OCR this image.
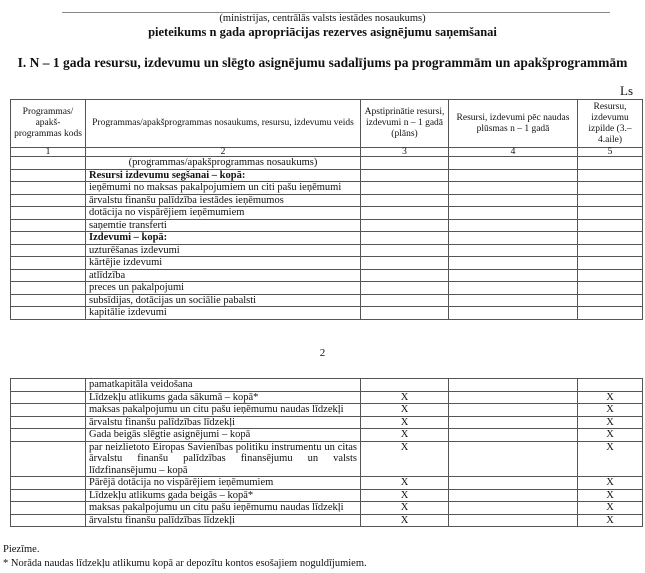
(ministrijas, centrālās valsts iestādes nosaukums)
pieteikums n gada apropriācijas rezerves asignējumu saņemšanai
I. N – 1 gada resursu, izdevumu un slēgto asignējumu sadalījums pa programmām un apakšprogrammām
Ls
Programmas/ apakš-programmas kods	Programmas/apakšprogrammas nosaukums, resursu, izdevumu veids	Apstiprinātie resursi, izdevumi n – 1 gadā (plāns)	Resursi, izdevumi pēc naudas plūsmas n – 1 gadā	Resursu, izdevumu izpilde (3.–4.aile)
1	2	3	4	5
	(programmas/apakšprogrammas nosaukums)			
	Resursi izdevumu segšanai – kopā:			
	ieņēmumi no maksas pakalpojumiem un citi pašu ieņēmumi			
	ārvalstu finanšu palīdzība iestādes ieņēmumos			
	dotācija no vispārējiem ieņēmumiem			
	saņemtie transferti			
	Izdevumi – kopā:			
	uzturēšanas izdevumi			
	kārtējie izdevumi			
	atlīdzība			
	preces un pakalpojumi			
	subsīdijas, dotācijas un sociālie pabalsti			
	kapitālie izdevumi			
2
	pamatkapitāla veidošana			
	Līdzekļu atlikums gada sākumā – kopā*	X		X
	maksas pakalpojumu un citu pašu ieņēmumu naudas līdzekļi	X		X
	ārvalstu finanšu palīdzības līdzekļi	X		X
	Gada beigās slēgtie asignējumi – kopā	X		X
	par neizlietoto Eiropas Savienības politiku instrumentu un citas ārvalstu finanšu palīdzības finansējumu un valsts līdzfinansējumu – kopā	X		X
	Pārējā dotācija no vispārējiem ieņēmumiem	X		X
	Līdzekļu atlikums gada beigās – kopā*	X		X
	maksas pakalpojumu un citu pašu ieņēmumu naudas līdzekļi	X		X
	ārvalstu finanšu palīdzības līdzekļi	X		X
Piezīme.
* Norāda naudas līdzekļu atlikumu kopā ar depozītu kontos esošajiem noguldījumiem.
